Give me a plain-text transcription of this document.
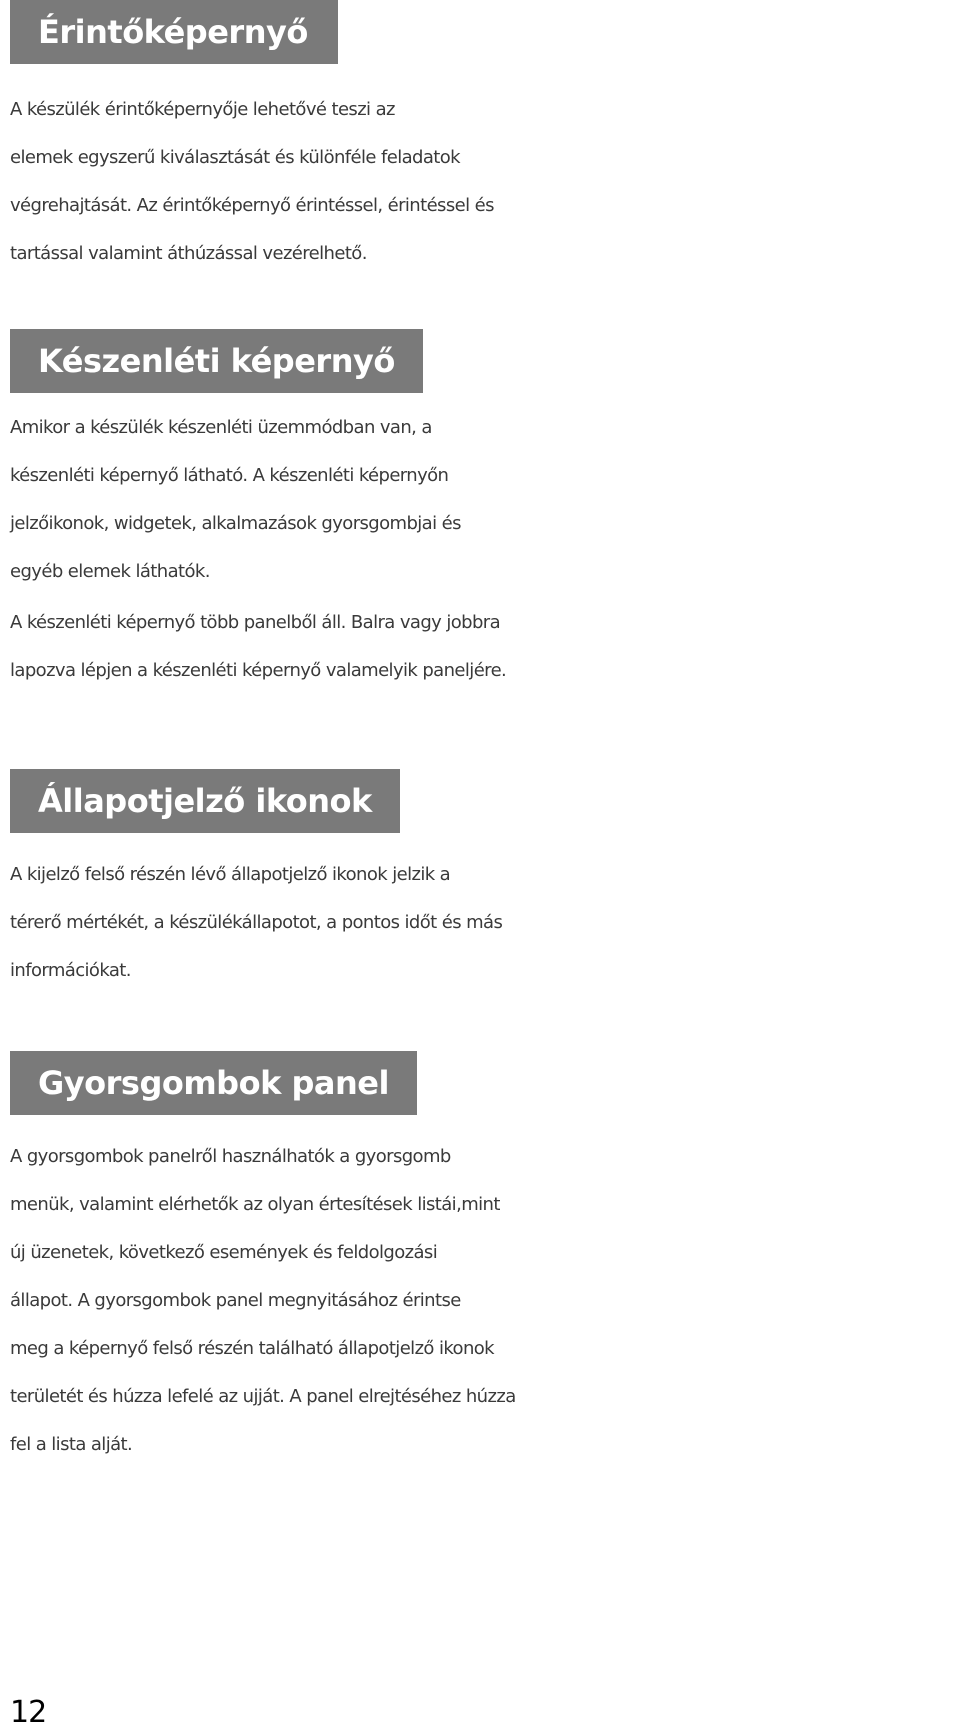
Érintőképernyő
A készülék érintőképernyője lehetővé teszi az
elemek egyszerű kiválasztását és különféle feladatok
végrehajtását. Az érintőképernyő érintéssel, érintéssel és
tartással valamint áthúzással vezérelhető.
Készenléti képernyő
Amikor a készülék készenléti üzemmódban van, a
készenléti képernyő látható. A készenléti képernyőn
jelzőikonok, widgetek, alkalmazások gyorsgombjai és
egyéb elemek láthatók.
A készenléti képernyő több panelből áll. Balra vagy jobbra
lapozva lépjen a készenléti képernyő valamelyik paneljére.
Állapotjelző ikonok
A kijelző felső részén lévő állapotjelző ikonok jelzik a
térerő mértékét, a készülékállapotot, a pontos időt és más
információkat.
Gyorsgombok panel
A gyorsgombok panelről használhatók a gyorsgomb
menük, valamint elérhetők az olyan értesítések listái,mint
új üzenetek, következő események és feldolgozási
állapot. A gyorsgombok panel megnyitásához érintse
meg a képernyő felső részén található állapotjelző ikonok
területét és húzza lefelé az ujját. A panel elrejtéséhez húzza
fel a lista alját.
12
